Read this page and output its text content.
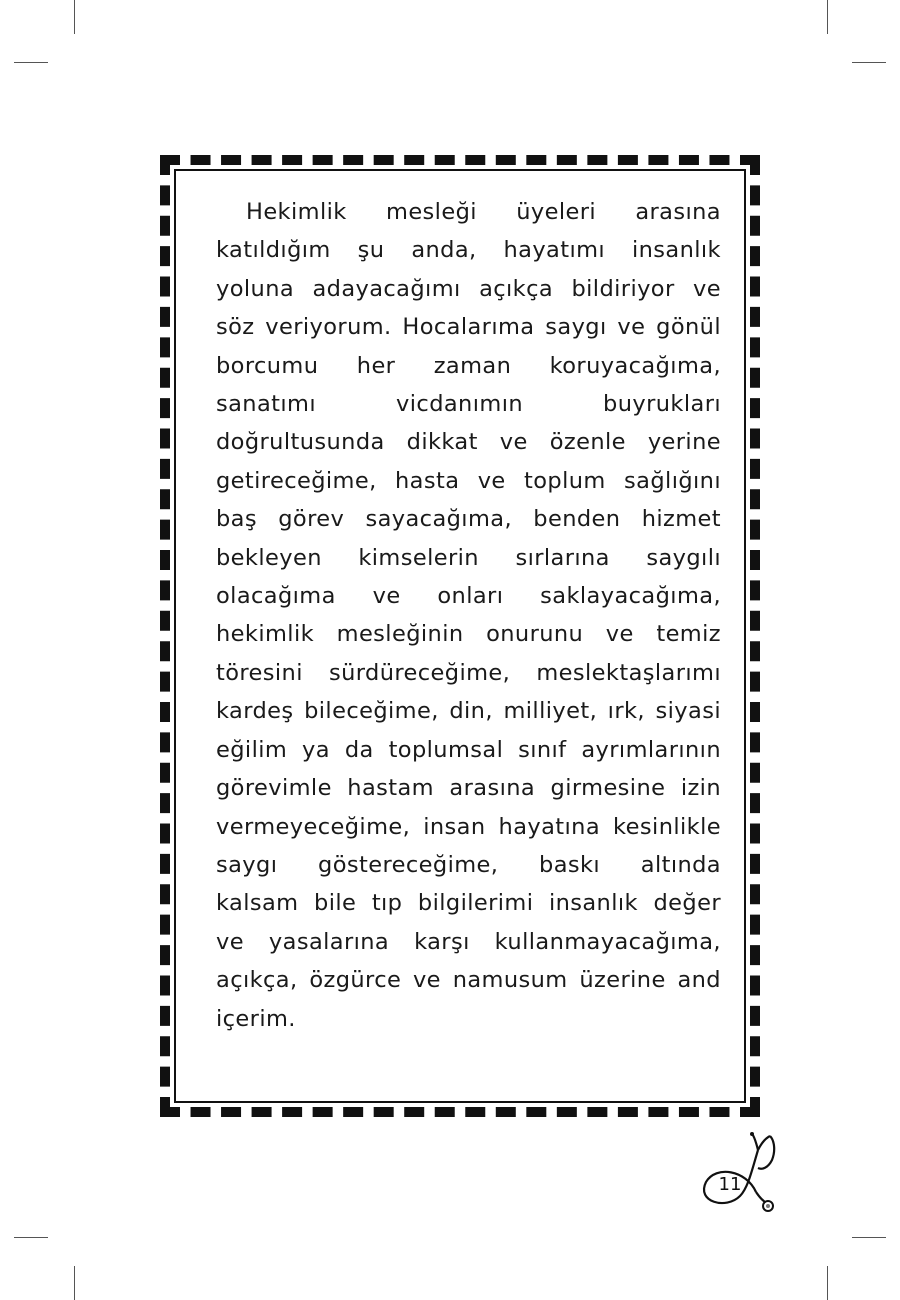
Hekimlik mesleği üyeleri arasına katıldığım şu anda, hayatımı insanlık yoluna adayacağımı açıkça bildiriyor ve söz veriyorum. Hocalarıma saygı ve gönül borcumu her zaman koruyacağıma, sanatımı vicdanımın buyrukları doğrultusunda dikkat ve özenle yerine getireceğime, hasta ve toplum sağlığını baş görev sayacağıma, benden hizmet bekleyen kimselerin sırlarına saygılı olacağıma ve onları saklayacağıma, hekimlik mesleğinin onurunu ve temiz töresini sürdüreceğime, meslektaşlarımı kardeş bileceğime, din, milliyet, ırk, siyasi eğilim ya da toplumsal sınıf ayrımlarının görevimle hastam arasına girmesine izin vermeyeceğime, insan hayatına kesinlikle saygı göstereceğime, baskı altında kalsam bile tıp bilgilerimi insanlık değer ve yasalarına karşı kullanmayacağıma, açıkça, özgürce ve namusum üzerine and içerim.

11
